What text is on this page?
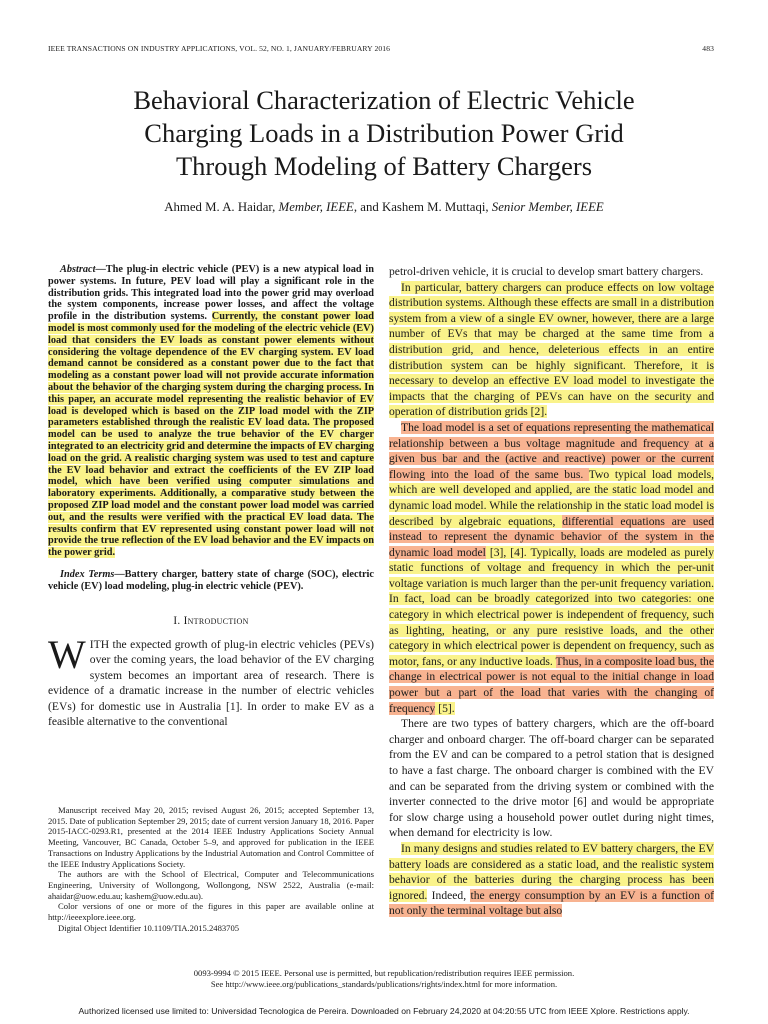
IEEE TRANSACTIONS ON INDUSTRY APPLICATIONS, VOL. 52, NO. 1, JANUARY/FEBRUARY 2016	483
Behavioral Characterization of Electric Vehicle
Charging Loads in a Distribution Power Grid
Through Modeling of Battery Chargers
Ahmed M. A. Haidar, Member, IEEE, and Kashem M. Muttaqi, Senior Member, IEEE

Abstract—The plug-in electric vehicle (PEV) is a new atypical load in power systems. In future, PEV load will play a significant role in the distribution grids. This integrated load into the power grid may overload the system components, increase power losses, and affect the voltage profile in the distribution systems. Currently, the constant power load model is most commonly used for the modeling of the electric vehicle (EV) load that considers the EV loads as constant power elements without considering the voltage dependence of the EV charging system. EV load demand cannot be considered as a constant power due to the fact that modeling as a constant power load will not provide accurate information about the behavior of the charging system during the charging process. In this paper, an accurate model representing the realistic behavior of EV load is developed which is based on the ZIP load model with the ZIP parameters established through the realistic EV load data. The proposed model can be used to analyze the true behavior of the EV charger integrated to an electricity grid and determine the impacts of EV charging load on the grid. A realistic charging system was used to test and capture the EV load behavior and extract the coefficients of the EV ZIP load model, which have been verified using computer simulations and laboratory experiments. Additionally, a comparative study between the proposed ZIP load model and the constant power load model was carried out, and the results were verified with the practical EV load data. The results confirm that EV represented using constant power load will not provide the true reflection of the EV load behavior and the EV impacts on the power grid.

Index Terms—Battery charger, battery state of charge (SOC), electric vehicle (EV) load modeling, plug-in electric vehicle (PEV).

I. Introduction

WITH the expected growth of plug-in electric vehicles (PEVs) over the coming years, the load behavior of the EV charging system becomes an important area of research. There is evidence of a dramatic increase in the number of electric vehicles (EVs) for domestic use in Australia [1]. In order to make EV as a feasible alternative to the conventional

Manuscript received May 20, 2015; revised August 26, 2015; accepted September 13, 2015. Date of publication September 29, 2015; date of current version January 18, 2016. Paper 2015-IACC-0293.R1, presented at the 2014 IEEE Industry Applications Society Annual Meeting, Vancouver, BC Canada, October 5–9, and approved for publication in the IEEE Transactions on Industry Applications by the Industrial Automation and Control Committee of the IEEE Industry Applications Society.

The authors are with the School of Electrical, Computer and Telecommunications Engineering, University of Wollongong, Wollongong, NSW 2522, Australia (e-mail: ahaidar@uow.edu.au; kashem@uow.edu.au).

Color versions of one or more of the figures in this paper are available online at http://ieeexplore.ieee.org.

Digital Object Identifier 10.1109/TIA.2015.2483705

petrol-driven vehicle, it is crucial to develop smart battery chargers.

In particular, battery chargers can produce effects on low voltage distribution systems. Although these effects are small in a distribution system from a view of a single EV owner, however, there are a large number of EVs that may be charged at the same time from a distribution grid, and hence, deleterious effects in an entire distribution system can be highly significant. Therefore, it is necessary to develop an effective EV load model to investigate the impacts that the charging of PEVs can have on the security and operation of distribution grids [2].

The load model is a set of equations representing the mathematical relationship between a bus voltage magnitude and frequency at a given bus bar and the (active and reactive) power or the current flowing into the load of the same bus. Two typical load models, which are well developed and applied, are the static load model and dynamic load model. While the relationship in the static load model is described by algebraic equations, differential equations are used instead to represent the dynamic behavior of the system in the dynamic load model [3], [4]. Typically, loads are modeled as purely static functions of voltage and frequency in which the per-unit voltage variation is much larger than the per-unit frequency variation. In fact, load can be broadly categorized into two categories: one category in which electrical power is independent of frequency, such as lighting, heating, or any pure resistive loads, and the other category in which electrical power is dependent on frequency, such as motor, fans, or any inductive loads. Thus, in a composite load bus, the change in electrical power is not equal to the initial change in load power but a part of the load that varies with the changing of frequency [5].

There are two types of battery chargers, which are the off-board charger and onboard charger. The off-board charger can be separated from the EV and can be compared to a petrol station that is designed to have a fast charge. The onboard charger is combined with the EV and can be separated from the driving system or combined with the inverter connected to the drive motor [6] and would be appropriate for slow charge using a household power outlet during night times, when demand for electricity is low.

In many designs and studies related to EV battery chargers, the EV battery loads are considered as a static load, and the realistic system behavior of the batteries during the charging process has been ignored. Indeed, the energy consumption by an EV is a function of not only the terminal voltage but also

0093-9994 © 2015 IEEE. Personal use is permitted, but republication/redistribution requires IEEE permission.
See http://www.ieee.org/publications_standards/publications/rights/index.html for more information.
Authorized licensed use limited to: Universidad Tecnologica de Pereira. Downloaded on February 24,2020 at 04:20:55 UTC from IEEE Xplore. Restrictions apply.
